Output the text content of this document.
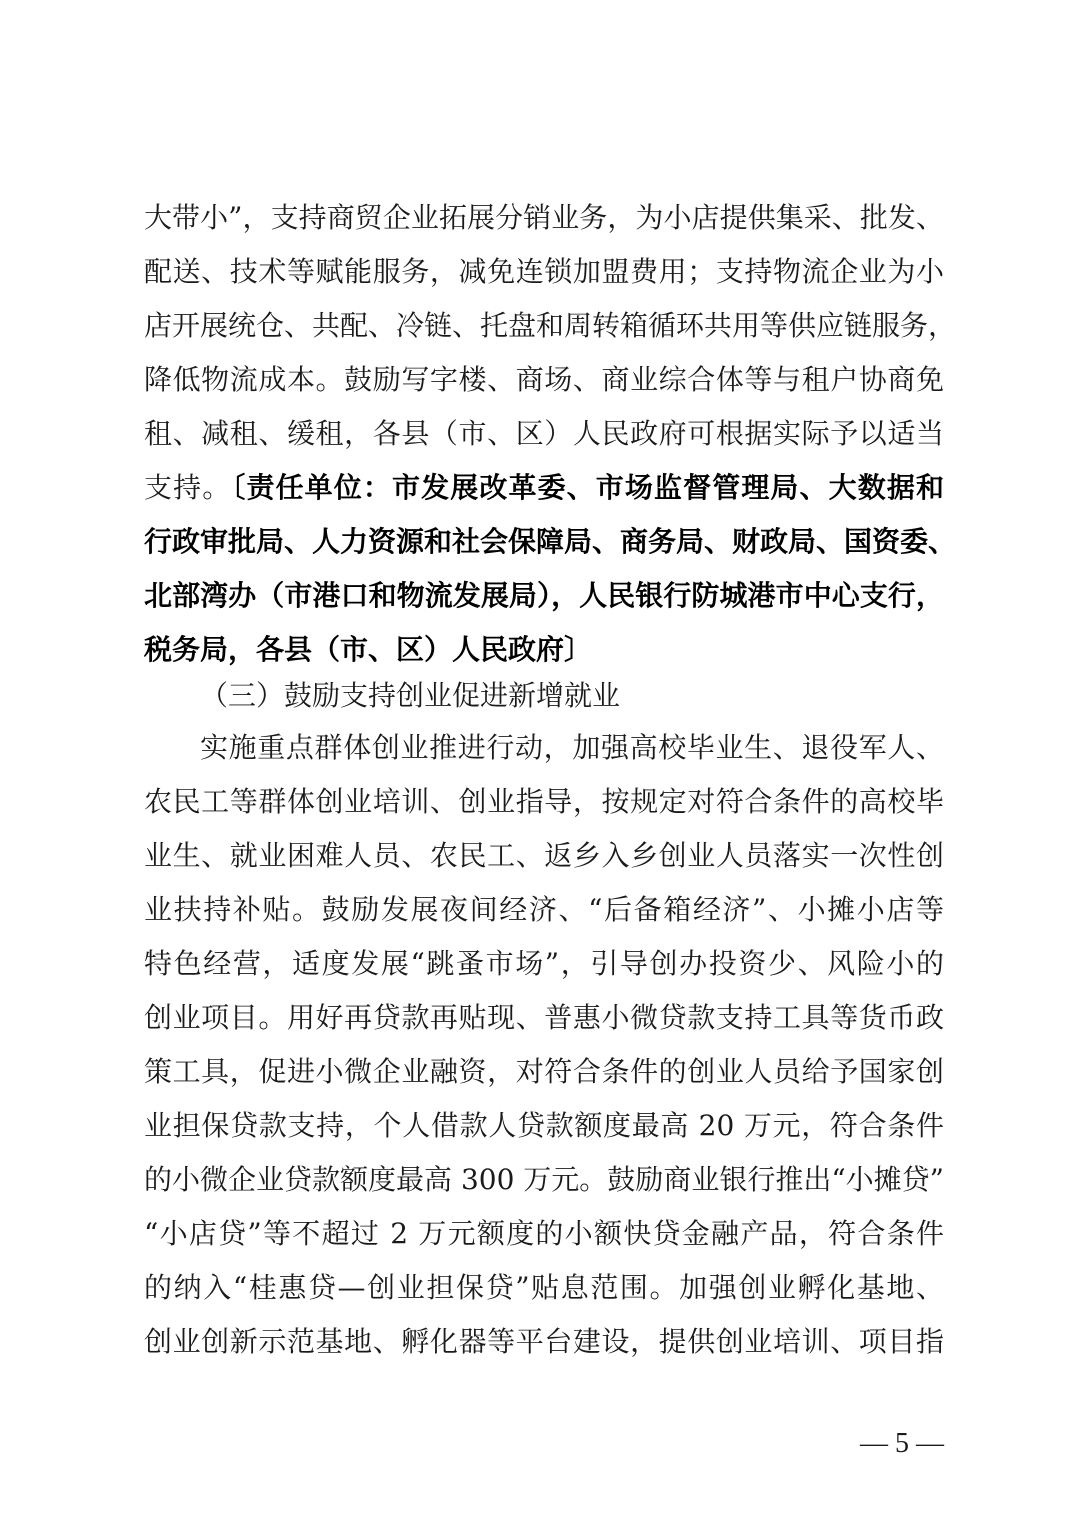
大带小”，支持商贸企业拓展分销业务，为小店提供集采、批发、
配送、技术等赋能服务，减免连锁加盟费用；支持物流企业为小
店开展统仓、共配、冷链、托盘和周转箱循环共用等供应链服务，
降低物流成本。鼓励写字楼、商场、商业综合体等与租户协商免
租、减租、缓租，各县（市、区）人民政府可根据实际予以适当
支持。〔责任单位：市发展改革委、市场监督管理局、大数据和
行政审批局、人力资源和社会保障局、商务局、财政局、国资委、
北部湾办（市港口和物流发展局），人民银行防城港市中心支行，
税务局，各县（市、区）人民政府〕
（三）鼓励支持创业促进新增就业
实施重点群体创业推进行动，加强高校毕业生、退役军人、
农民工等群体创业培训、创业指导，按规定对符合条件的高校毕
业生、就业困难人员、农民工、返乡入乡创业人员落实一次性创
业扶持补贴。鼓励发展夜间经济、“后备箱经济”、小摊小店等
特色经营，适度发展“跳蚤市场”，引导创办投资少、风险小的
创业项目。用好再贷款再贴现、普惠小微贷款支持工具等货币政
策工具，促进小微企业融资，对符合条件的创业人员给予国家创
业担保贷款支持，个人借款人贷款额度最高 20 万元，符合条件
的小微企业贷款额度最高 300 万元。鼓励商业银行推出“小摊贷”
“小店贷”等不超过 2 万元额度的小额快贷金融产品，符合条件
的纳入“桂惠贷—创业担保贷”贴息范围。加强创业孵化基地、
创业创新示范基地、孵化器等平台建设，提供创业培训、项目指
— 5 —
